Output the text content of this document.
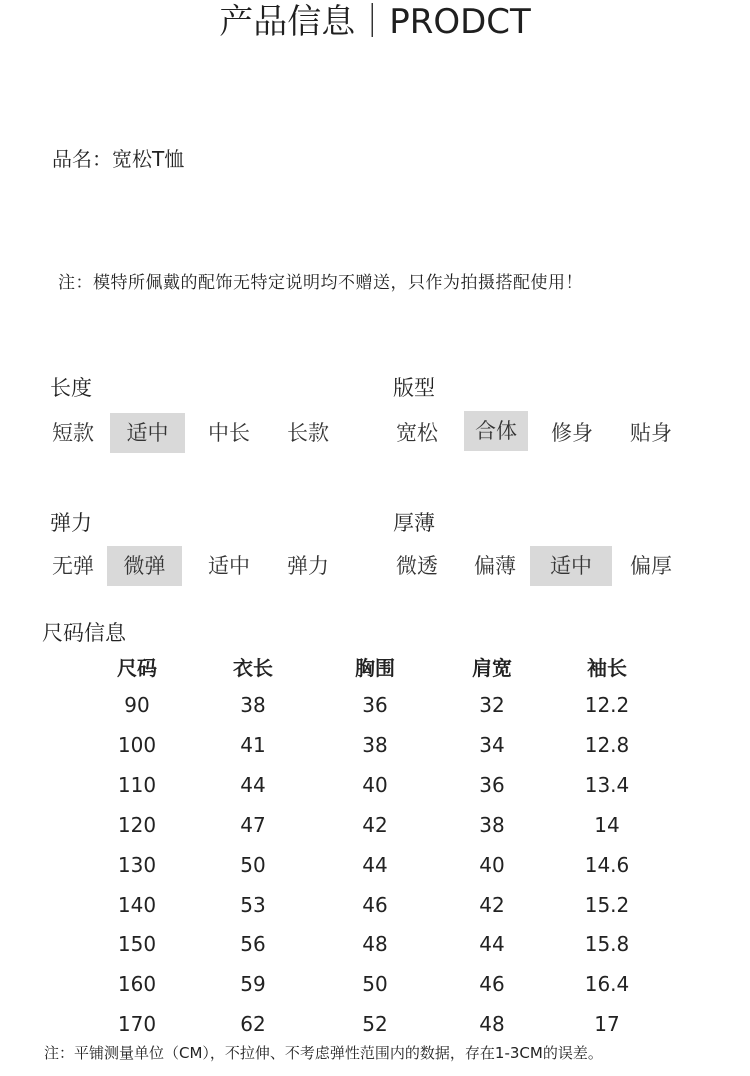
产品信息｜PRODCT
品名：宽松T恤
注：模特所佩戴的配饰无特定说明均不赠送，只作为拍摄搭配使用！
长度
短款	适中	中长	长款
版型
宽松	合体	修身	贴身
弹力
无弹	微弹	适中	弹力
厚薄
微透	偏薄	适中	偏厚
尺码信息
尺码	衣长	胸围	肩宽	袖长
90	38	36	32	12.2
100	41	38	34	12.8
110	44	40	36	13.4
120	47	42	38	14
130	50	44	40	14.6
140	53	46	42	15.2
150	56	48	44	15.8
160	59	50	46	16.4
170	62	52	48	17
注：平铺测量单位（CM），不拉伸、不考虑弹性范围内的数据，存在1-3CM的误差。
